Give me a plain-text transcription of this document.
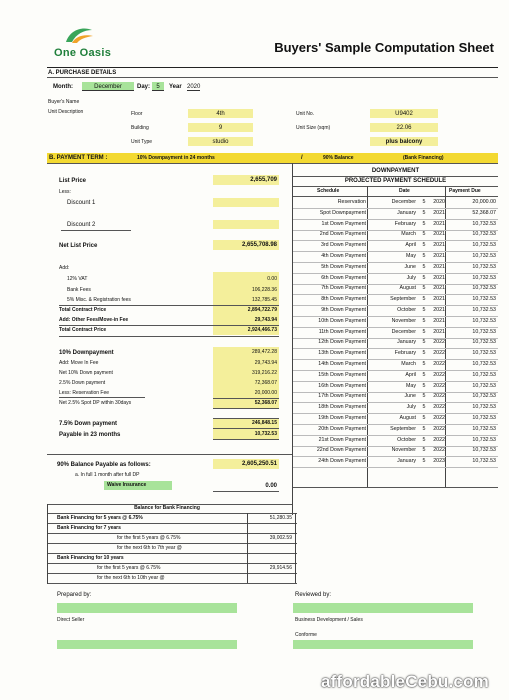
One Oasis	Buyers' Sample Computation Sheet
A. PURCHASE DETAILS
Month:	December	Day:	5	Year 2020
Buyer's Name
Unit Description	Floor	4th
Building	9
Unit Type	studio
Unit No.	U9402
Unit Size (sqm)	22.06
plus balcony
B. PAYMENT TERM :	10% Downpayment in 24 months	/	90% Balance	(Bank Financing)
List Price	2,655,709
Less:
Discount 1
Discount 2
Net List Price	2,655,708.98
Add:
12% VAT	0.00
Bank Fees	106,228.36
5% Misc. & Registration fees	132,785.45
Total Contract Price	2,894,722.79
Add: Other Fees/Move-in Fee	29,743.94
Total Contract Price	2,924,466.73
10% Downpayment	289,472.28
Add: Move In Fee	29,743.94
Net 10% Down payment	319,216.22
2.5% Down payment	72,368.07
Less: Reservation Fee	20,000.00
Net 2.5% Spot DP within 30days	52,368.07
7.5% Down payment	246,848.15
Payable in 23 months	10,732.53
90% Balance Payable as follows:	2,605,250.51
a. In full 1 month after full DP
Waive Insurance	0.00
DOWNPAYMENT
PROJECTED PAYMENT SCHEDULE
Schedule	Date	Payment Due
Reservation	December	5	2020	20,000.00
Spot Downpayment	January	5	2021	52,368.07
1st Down Payment	February	5	2021	10,732.53
2nd Down Payment	March	5	2021	10,732.53
3rd Down Payment	April	5	2021	10,732.53
4th Down Payment	May	5	2021	10,732.53
5th Down Payment	June	5	2021	10,732.53
6th Down Payment	July	5	2021	10,732.53
7th Down Payment	August	5	2021	10,732.53
8th Down Payment	September	5	2021	10,732.53
9th Down Payment	October	5	2021	10,732.53
10th Down Payment	November	5	2021	10,732.53
11th Down Payment	December	5	2021	10,732.53
12th Down Payment	January	5	2022	10,732.53
13th Down Payment	February	5	2022	10,732.53
14th Down Payment	March	5	2022	10,732.53
15th Down Payment	April	5	2022	10,732.53
16th Down Payment	May	5	2022	10,732.53
17th Down Payment	June	5	2022	10,732.53
18th Down Payment	July	5	2022	10,732.53
19th Down Payment	August	5	2022	10,732.53
20th Down Payment	September	5	2022	10,732.53
21st Down Payment	October	5	2022	10,732.53
22nd Down Payment	November	5	2022	10,732.53
24th Down Payment	January	5	2023	10,732.53
Balance for Bank Financing
Bank Financing for 5 years @ 6.75%	51,280.35
Bank Financing for 7 years
for the first 5 years @ 6.75%	39,002.59
for the next 6th to 7th year @
Bank Financing for 10 years
for the first 5 years @ 6.75%	29,914.56
for the next 6th to 10th year @
Prepared by:	Reviewed by:
Direct Seller	Business Development / Sales
Conforme
affordableCebu.com
